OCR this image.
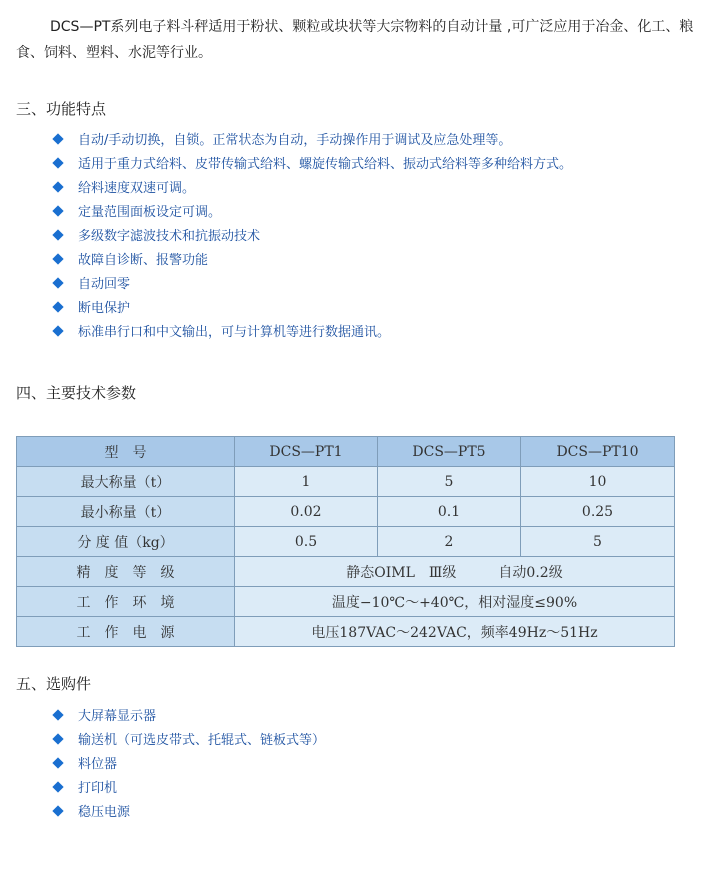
DCS—PT系列电子料斗秤适用于粉状、颗粒或块状等大宗物料的自动计量 ,可广泛应用于冶金、化工、粮食、饲料、塑料、水泥等行业。
三、功能特点
自动/手动切换，自锁。正常状态为自动，手动操作用于调试及应急处理等。
适用于重力式给料、皮带传输式给料、螺旋传输式给料、振动式给料等多种给料方式。
给料速度双速可调。
定量范围面板设定可调。
多级数字滤波技术和抗振动技术
故障自诊断、报警功能
自动回零
断电保护
标准串行口和中文输出，可与计算机等进行数据通讯。
四、主要技术参数
型　号	DCS—PT1	DCS—PT5	DCS—PT10
最大称量（t）	1	5	10
最小称量（t）	0.02	0.1	0.25
分 度 值（kg）	0.5	2	5
精　度　等　级	静态OIML　Ⅲ级　　　自动0.2级		
工　作　环　境	温度−10℃～+40℃，相对湿度≤90%		
工　作　电　源	电压187VAC～242VAC，频率49Hz～51Hz		
五、选购件
大屏幕显示器
输送机（可选皮带式、托辊式、链板式等）
料位器
打印机
稳压电源
